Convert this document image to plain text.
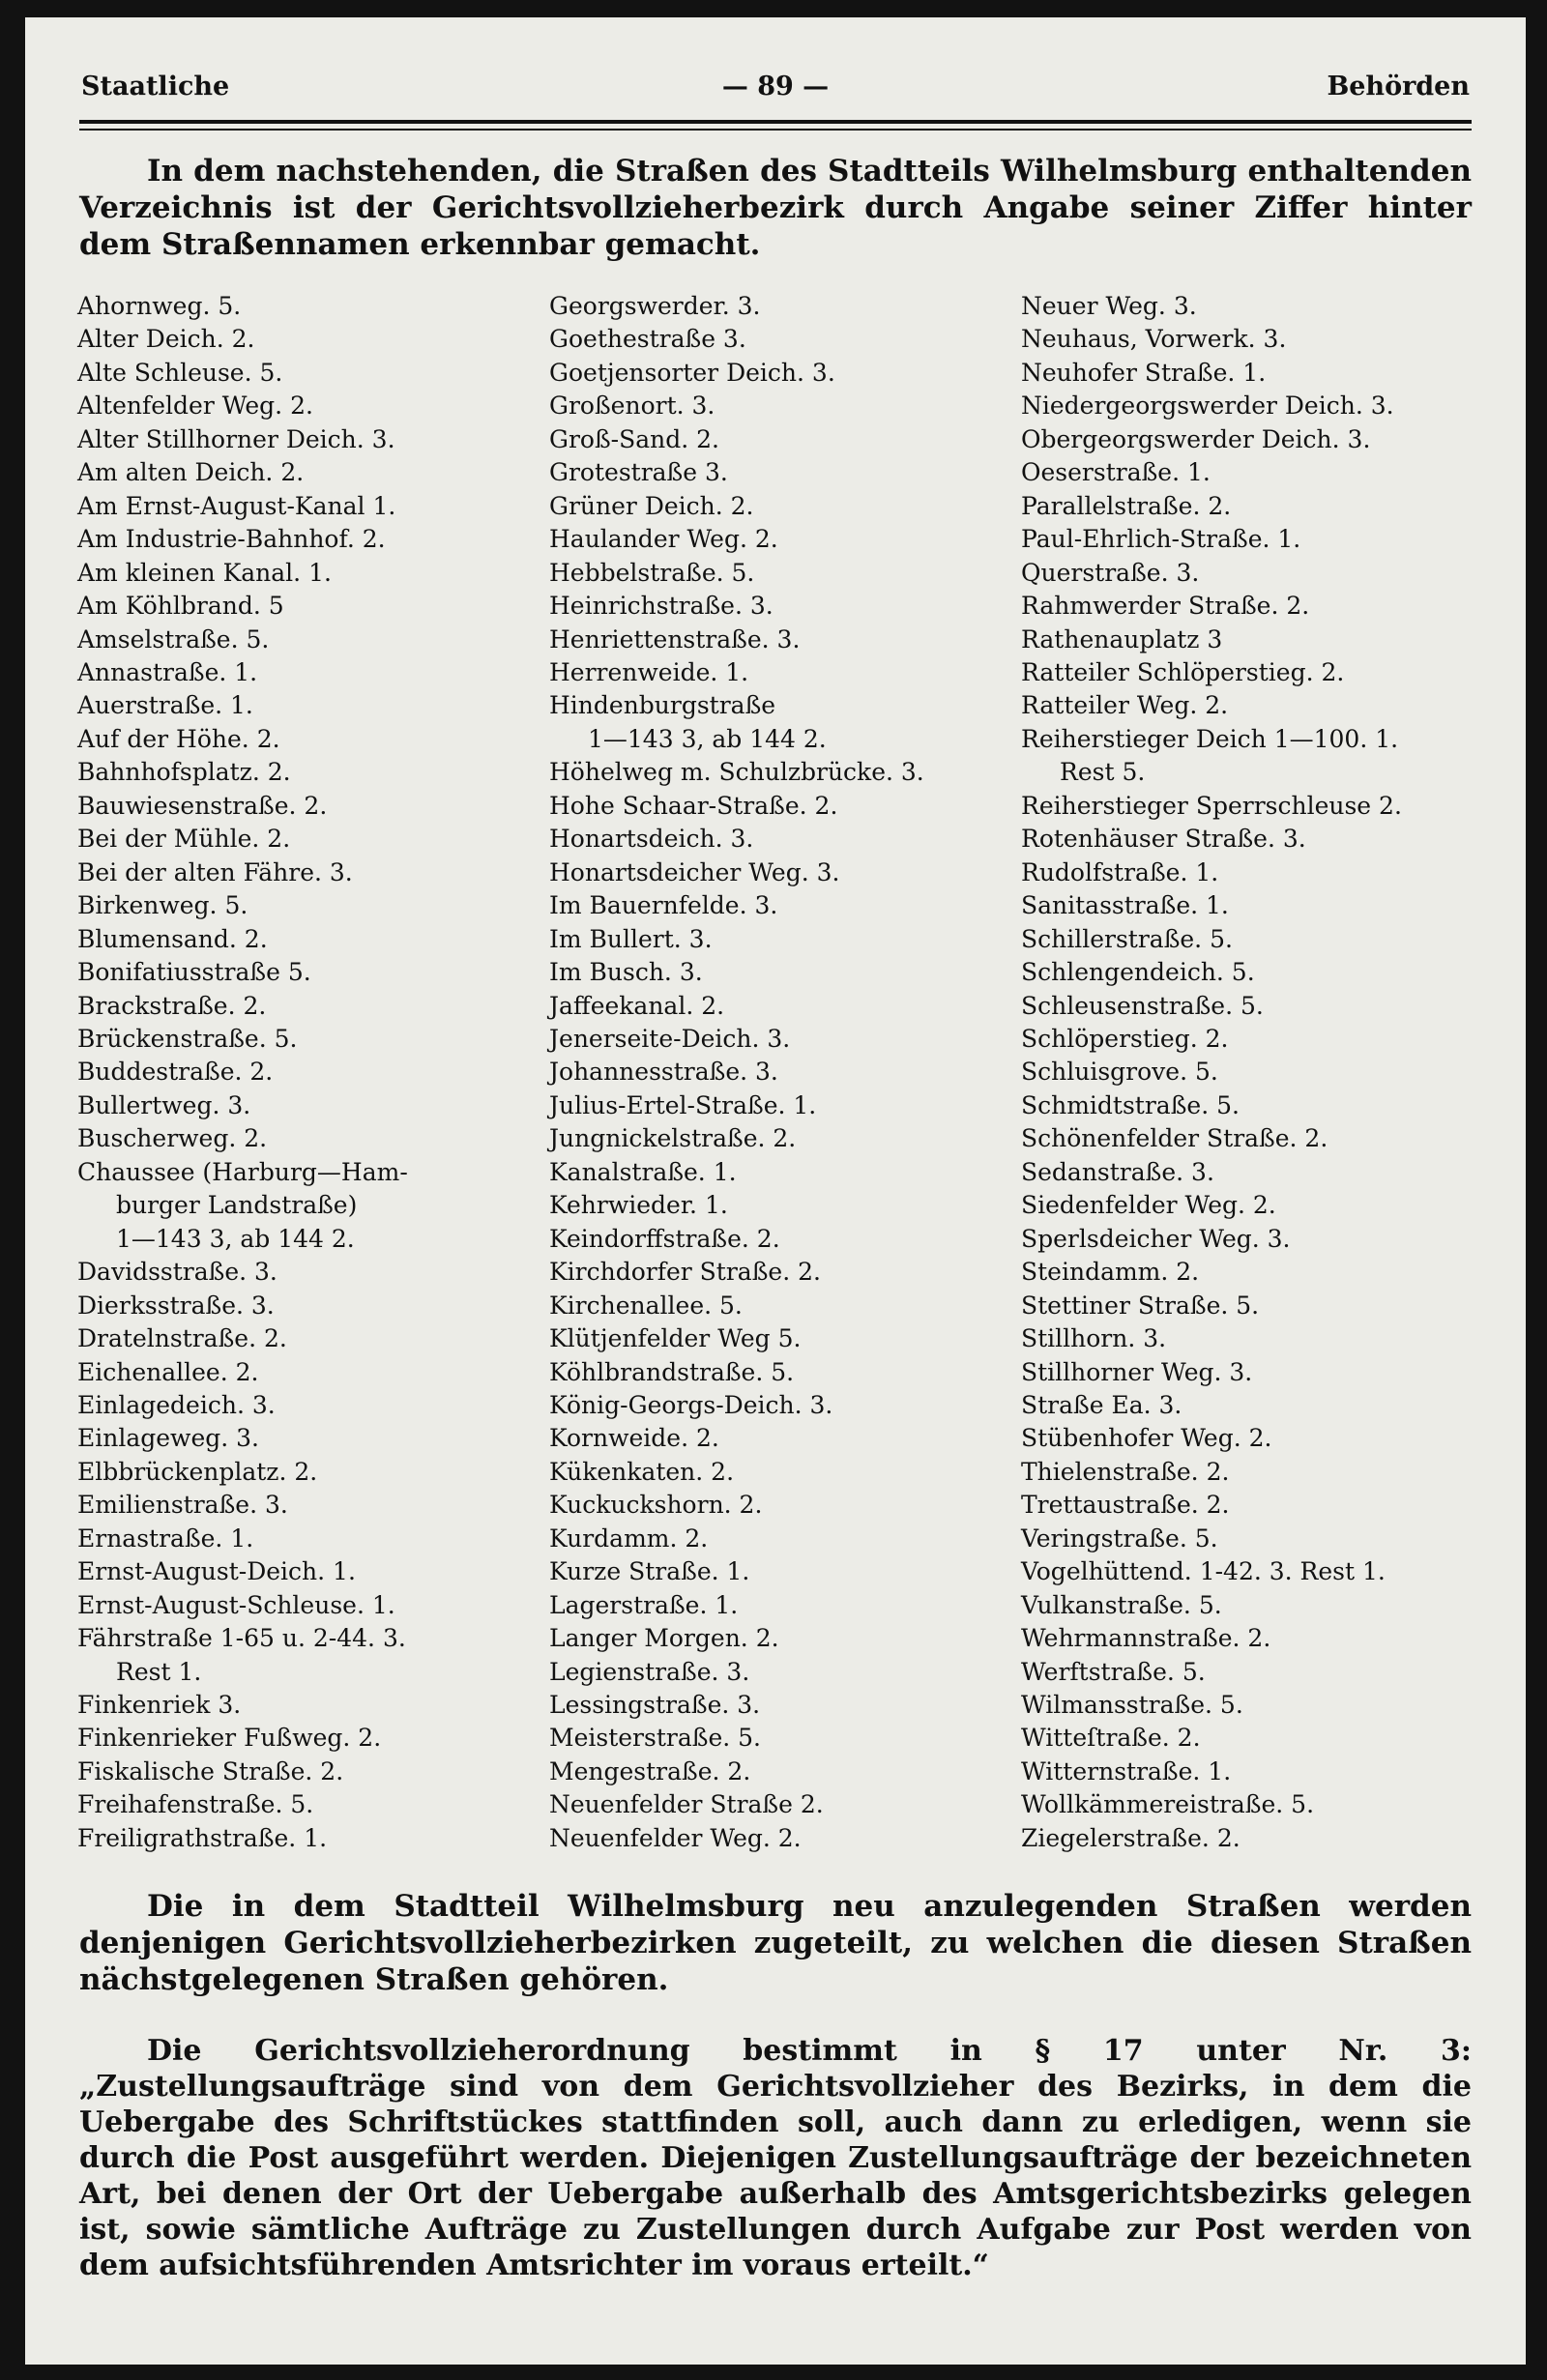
Staatliche	— 89 —	Behörden

In dem nachstehenden, die Straßen des Stadtteils Wilhelmsburg enthaltenden Verzeichnis ist der Gerichtsvollzieherbezirk durch Angabe seiner Ziffer hinter dem Straßennamen erkennbar gemacht.

Ahornweg. 5.
Alter Deich. 2.
Alte Schleuse. 5.
Altenfelder Weg. 2.
Alter Stillhorner Deich. 3.
Am alten Deich. 2.
Am Ernst-August-Kanal 1.
Am Industrie-Bahnhof. 2.
Am kleinen Kanal. 1.
Am Köhlbrand. 5
Amselstraße. 5.
Annastraße. 1.
Auerstraße. 1.
Auf der Höhe. 2.
Bahnhofsplatz. 2.
Bauwiesenstraße. 2.
Bei der Mühle. 2.
Bei der alten Fähre. 3.
Birkenweg. 5.
Blumensand. 2.
Bonifatiusstraße 5.
Brackstraße. 2.
Brückenstraße. 5.
Buddestraße. 2.
Bullertweg. 3.
Buscherweg. 2.
Chaussee (Harburg—Ham-
burger Landstraße)
1—143 3, ab 144 2.
Davidsstraße. 3.
Dierksstraße. 3.
Dratelnstraße. 2.
Eichenallee. 2.
Einlagedeich. 3.
Einlageweg. 3.
Elbbrückenplatz. 2.
Emilienstraße. 3.
Ernastraße. 1.
Ernst-August-Deich. 1.
Ernst-August-Schleuse. 1.
Fährstraße 1-65 u. 2-44. 3.
Rest 1.
Finkenriek 3.
Finkenrieker Fußweg. 2.
Fiskalische Straße. 2.
Freihafenstraße. 5.
Freiligrathstraße. 1.
Georgswerder. 3.
Goethestraße 3.
Goetjensorter Deich. 3.
Großenort. 3.
Groß-Sand. 2.
Grotestraße 3.
Grüner Deich. 2.
Haulander Weg. 2.
Hebbelstraße. 5.
Heinrichstraße. 3.
Henriettenstraße. 3.
Herrenweide. 1.
Hindenburgstraße
1—143 3, ab 144 2.
Höhelweg m. Schulzbrücke. 3.
Hohe Schaar-Straße. 2.
Honartsdeich. 3.
Honartsdeicher Weg. 3.
Im Bauernfelde. 3.
Im Bullert. 3.
Im Busch. 3.
Jaffeekanal. 2.
Jenerseite-Deich. 3.
Johannesstraße. 3.
Julius-Ertel-Straße. 1.
Jungnickelstraße. 2.
Kanalstraße. 1.
Kehrwieder. 1.
Keindorffstraße. 2.
Kirchdorfer Straße. 2.
Kirchenallee. 5.
Klütjenfelder Weg 5.
Köhlbrandstraße. 5.
König-Georgs-Deich. 3.
Kornweide. 2.
Kükenkaten. 2.
Kuckuckshorn. 2.
Kurdamm. 2.
Kurze Straße. 1.
Lagerstraße. 1.
Langer Morgen. 2.
Legienstraße. 3.
Lessingstraße. 3.
Meisterstraße. 5.
Mengestraße. 2.
Neuenfelder Straße 2.
Neuenfelder Weg. 2.
Neuer Weg. 3.
Neuhaus, Vorwerk. 3.
Neuhofer Straße. 1.
Niedergeorgswerder Deich. 3.
Obergeorgswerder Deich. 3.
Oeserstraße. 1.
Parallelstraße. 2.
Paul-Ehrlich-Straße. 1.
Querstraße. 3.
Rahmwerder Straße. 2.
Rathenauplatz 3
Ratteiler Schlöperstieg. 2.
Ratteiler Weg. 2.
Reiherstieger Deich 1—100. 1.
Rest 5.
Reiherstieger Sperrschleuse 2.
Rotenhäuser Straße. 3.
Rudolfstraße. 1.
Sanitasstraße. 1.
Schillerstraße. 5.
Schlengendeich. 5.
Schleusenstraße. 5.
Schlöperstieg. 2.
Schluisgrove. 5.
Schmidtstraße. 5.
Schönenfelder Straße. 2.
Sedanstraße. 3.
Siedenfelder Weg. 2.
Sperlsdeicher Weg. 3.
Steindamm. 2.
Stettiner Straße. 5.
Stillhorn. 3.
Stillhorner Weg. 3.
Straße Ea. 3.
Stübenhofer Weg. 2.
Thielenstraße. 2.
Trettaustraße. 2.
Veringstraße. 5.
Vogelhüttend. 1-42. 3. Rest 1.
Vulkanstraße. 5.
Wehrmannstraße. 2.
Werftstraße. 5.
Wilmansstraße. 5.
Witteſtraße. 2.
Witternstraße. 1.
Wollkämmereistraße. 5.
Ziegelerstraße. 2.

Die in dem Stadtteil Wilhelmsburg neu anzulegenden Straßen werden denjenigen Gerichtsvollzieherbezirken zugeteilt, zu welchen die diesen Straßen nächstgelegenen Straßen gehören.

Die Gerichtsvollzieherordnung bestimmt in § 17 unter Nr. 3: „Zustellungsaufträge sind von dem Gerichtsvollzieher des Bezirks, in dem die Uebergabe des Schriftstückes stattfinden soll, auch dann zu erledigen, wenn sie durch die Post ausgeführt werden. Diejenigen Zustellungsaufträge der bezeichneten Art, bei denen der Ort der Uebergabe außerhalb des Amtsgerichtsbezirks gelegen ist, sowie sämtliche Aufträge zu Zustellungen durch Aufgabe zur Post werden von dem aufsichtsführenden Amtsrichter im voraus erteilt.“
